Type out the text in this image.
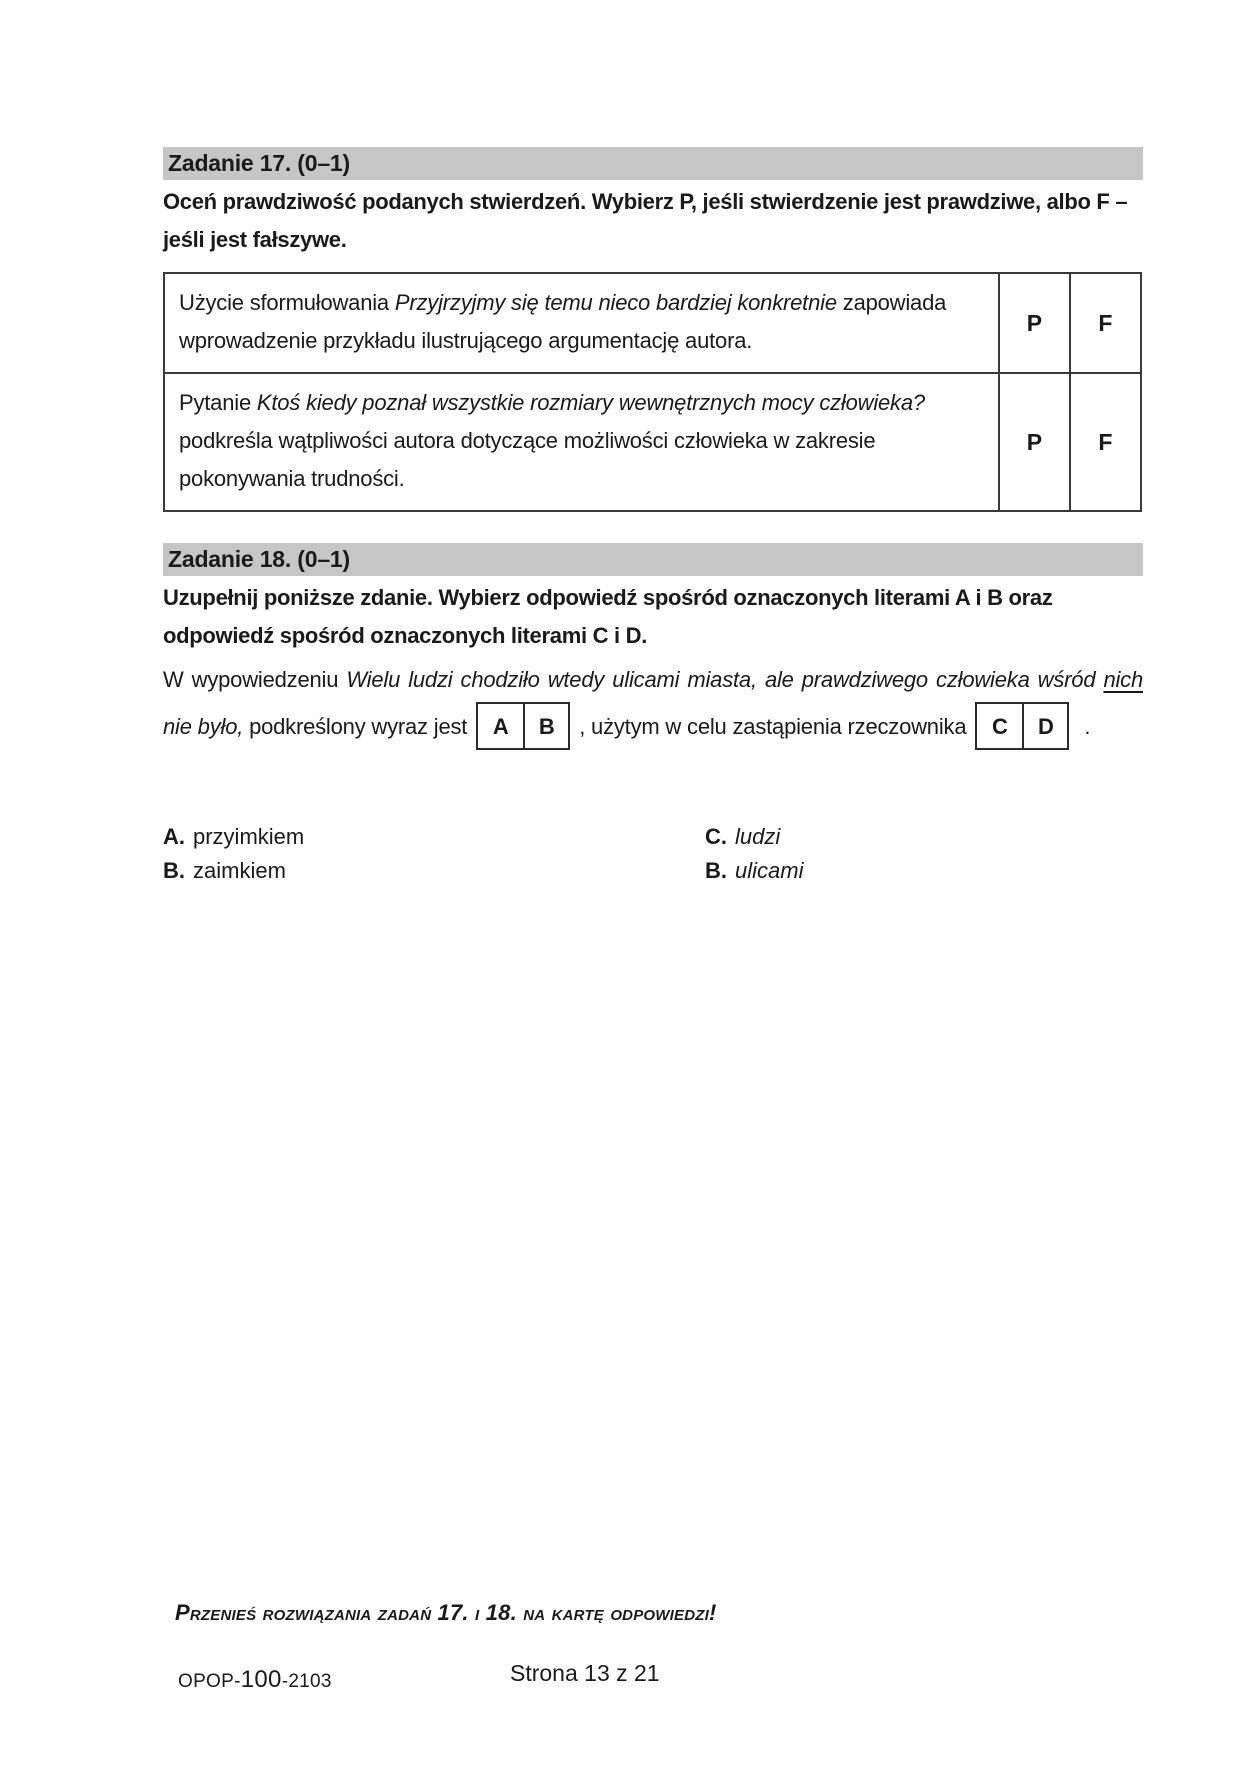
Zadanie 17. (0–1)

Oceń prawdziwość podanych stwierdzeń. Wybierz P, jeśli stwierdzenie jest prawdziwe, albo F – jeśli jest fałszywe.

Użycie sformułowania Przyjrzyjmy się temu nieco bardziej konkretnie zapowiada wprowadzenie przykładu ilustrującego argumentację autora.	P	F
Pytanie Ktoś kiedy poznał wszystkie rozmiary wewnętrznych mocy człowieka? podkreśla wątpliwości autora dotyczące możliwości człowieka w zakresie pokonywania trudności.	P	F
Zadanie 18. (0–1)

Uzupełnij poniższe zdanie. Wybierz odpowiedź spośród oznaczonych literami A i B oraz odpowiedź spośród oznaczonych literami C i D.

W wypowiedzeniu Wielu ludzi chodziło wtedy ulicami miasta, ale prawdziwego człowieka wśród nich nie było, podkreślony wyraz jest	A	B	, użytym w celu zastąpienia rzeczownika	C	D	.

A. przyimkiem
B. zaimkiem
C. ludzi
B. ulicami

Przenieś rozwiązania zadań 17. i 18. na kartę odpowiedzi!

OPOP-100-2103	Strona 13 z 21
